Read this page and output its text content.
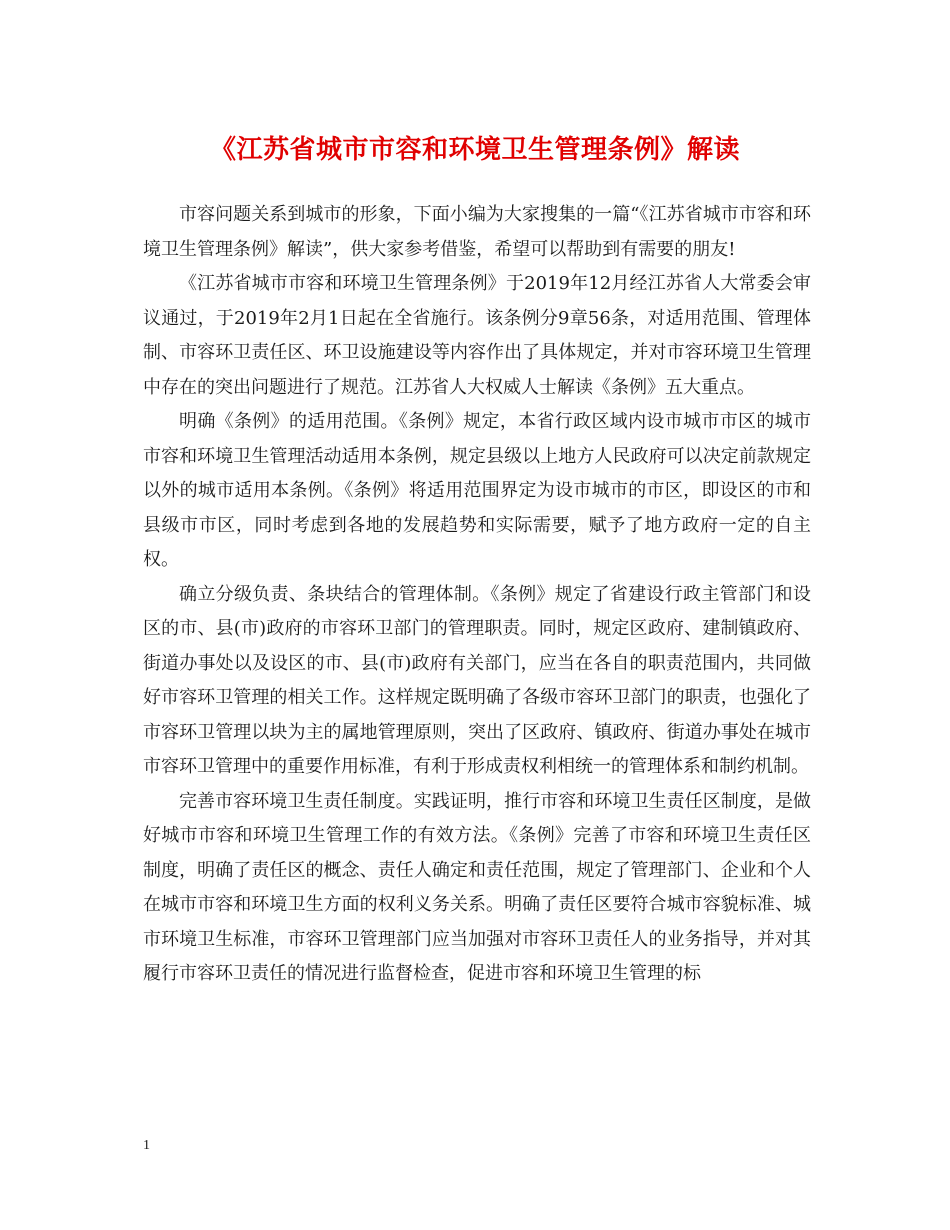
《江苏省城市市容和环境卫生管理条例》解读

市容问题关系到城市的形象，下面小编为大家搜集的一篇“《江苏省城市市容和环境卫生管理条例》解读”，供大家参考借鉴，希望可以帮助到有需要的朋友!

《江苏省城市市容和环境卫生管理条例》于2019年12月经江苏省人大常委会审议通过，于2019年2月1日起在全省施行。该条例分9章56条，对适用范围、管理体制、市容环卫责任区、环卫设施建设等内容作出了具体规定，并对市容环境卫生管理中存在的突出问题进行了规范。江苏省人大权威人士解读《条例》五大重点。

明确《条例》的适用范围。《条例》规定，本省行政区域内设市城市市区的城市市容和环境卫生管理活动适用本条例，规定县级以上地方人民政府可以决定前款规定以外的城市适用本条例。《条例》将适用范围界定为设市城市的市区，即设区的市和县级市市区，同时考虑到各地的发展趋势和实际需要，赋予了地方政府一定的自主权。

确立分级负责、条块结合的管理体制。《条例》规定了省建设行政主管部门和设区的市、县(市)政府的市容环卫部门的管理职责。同时，规定区政府、建制镇政府、街道办事处以及设区的市、县(市)政府有关部门，应当在各自的职责范围内，共同做好市容环卫管理的相关工作。这样规定既明确了各级市容环卫部门的职责，也强化了市容环卫管理以块为主的属地管理原则，突出了区政府、镇政府、街道办事处在城市市容环卫管理中的重要作用标准，有利于形成责权利相统一的管理体系和制约机制。

完善市容环境卫生责任制度。实践证明，推行市容和环境卫生责任区制度，是做好城市市容和环境卫生管理工作的有效方法。《条例》完善了市容和环境卫生责任区制度，明确了责任区的概念、责任人确定和责任范围，规定了管理部门、企业和个人在城市市容和环境卫生方面的权利义务关系。明确了责任区要符合城市容貌标准、城市环境卫生标准，市容环卫管理部门应当加强对市容环卫责任人的业务指导，并对其履行市容环卫责任的情况进行监督检查，促进市容和环境卫生管理的标

1
